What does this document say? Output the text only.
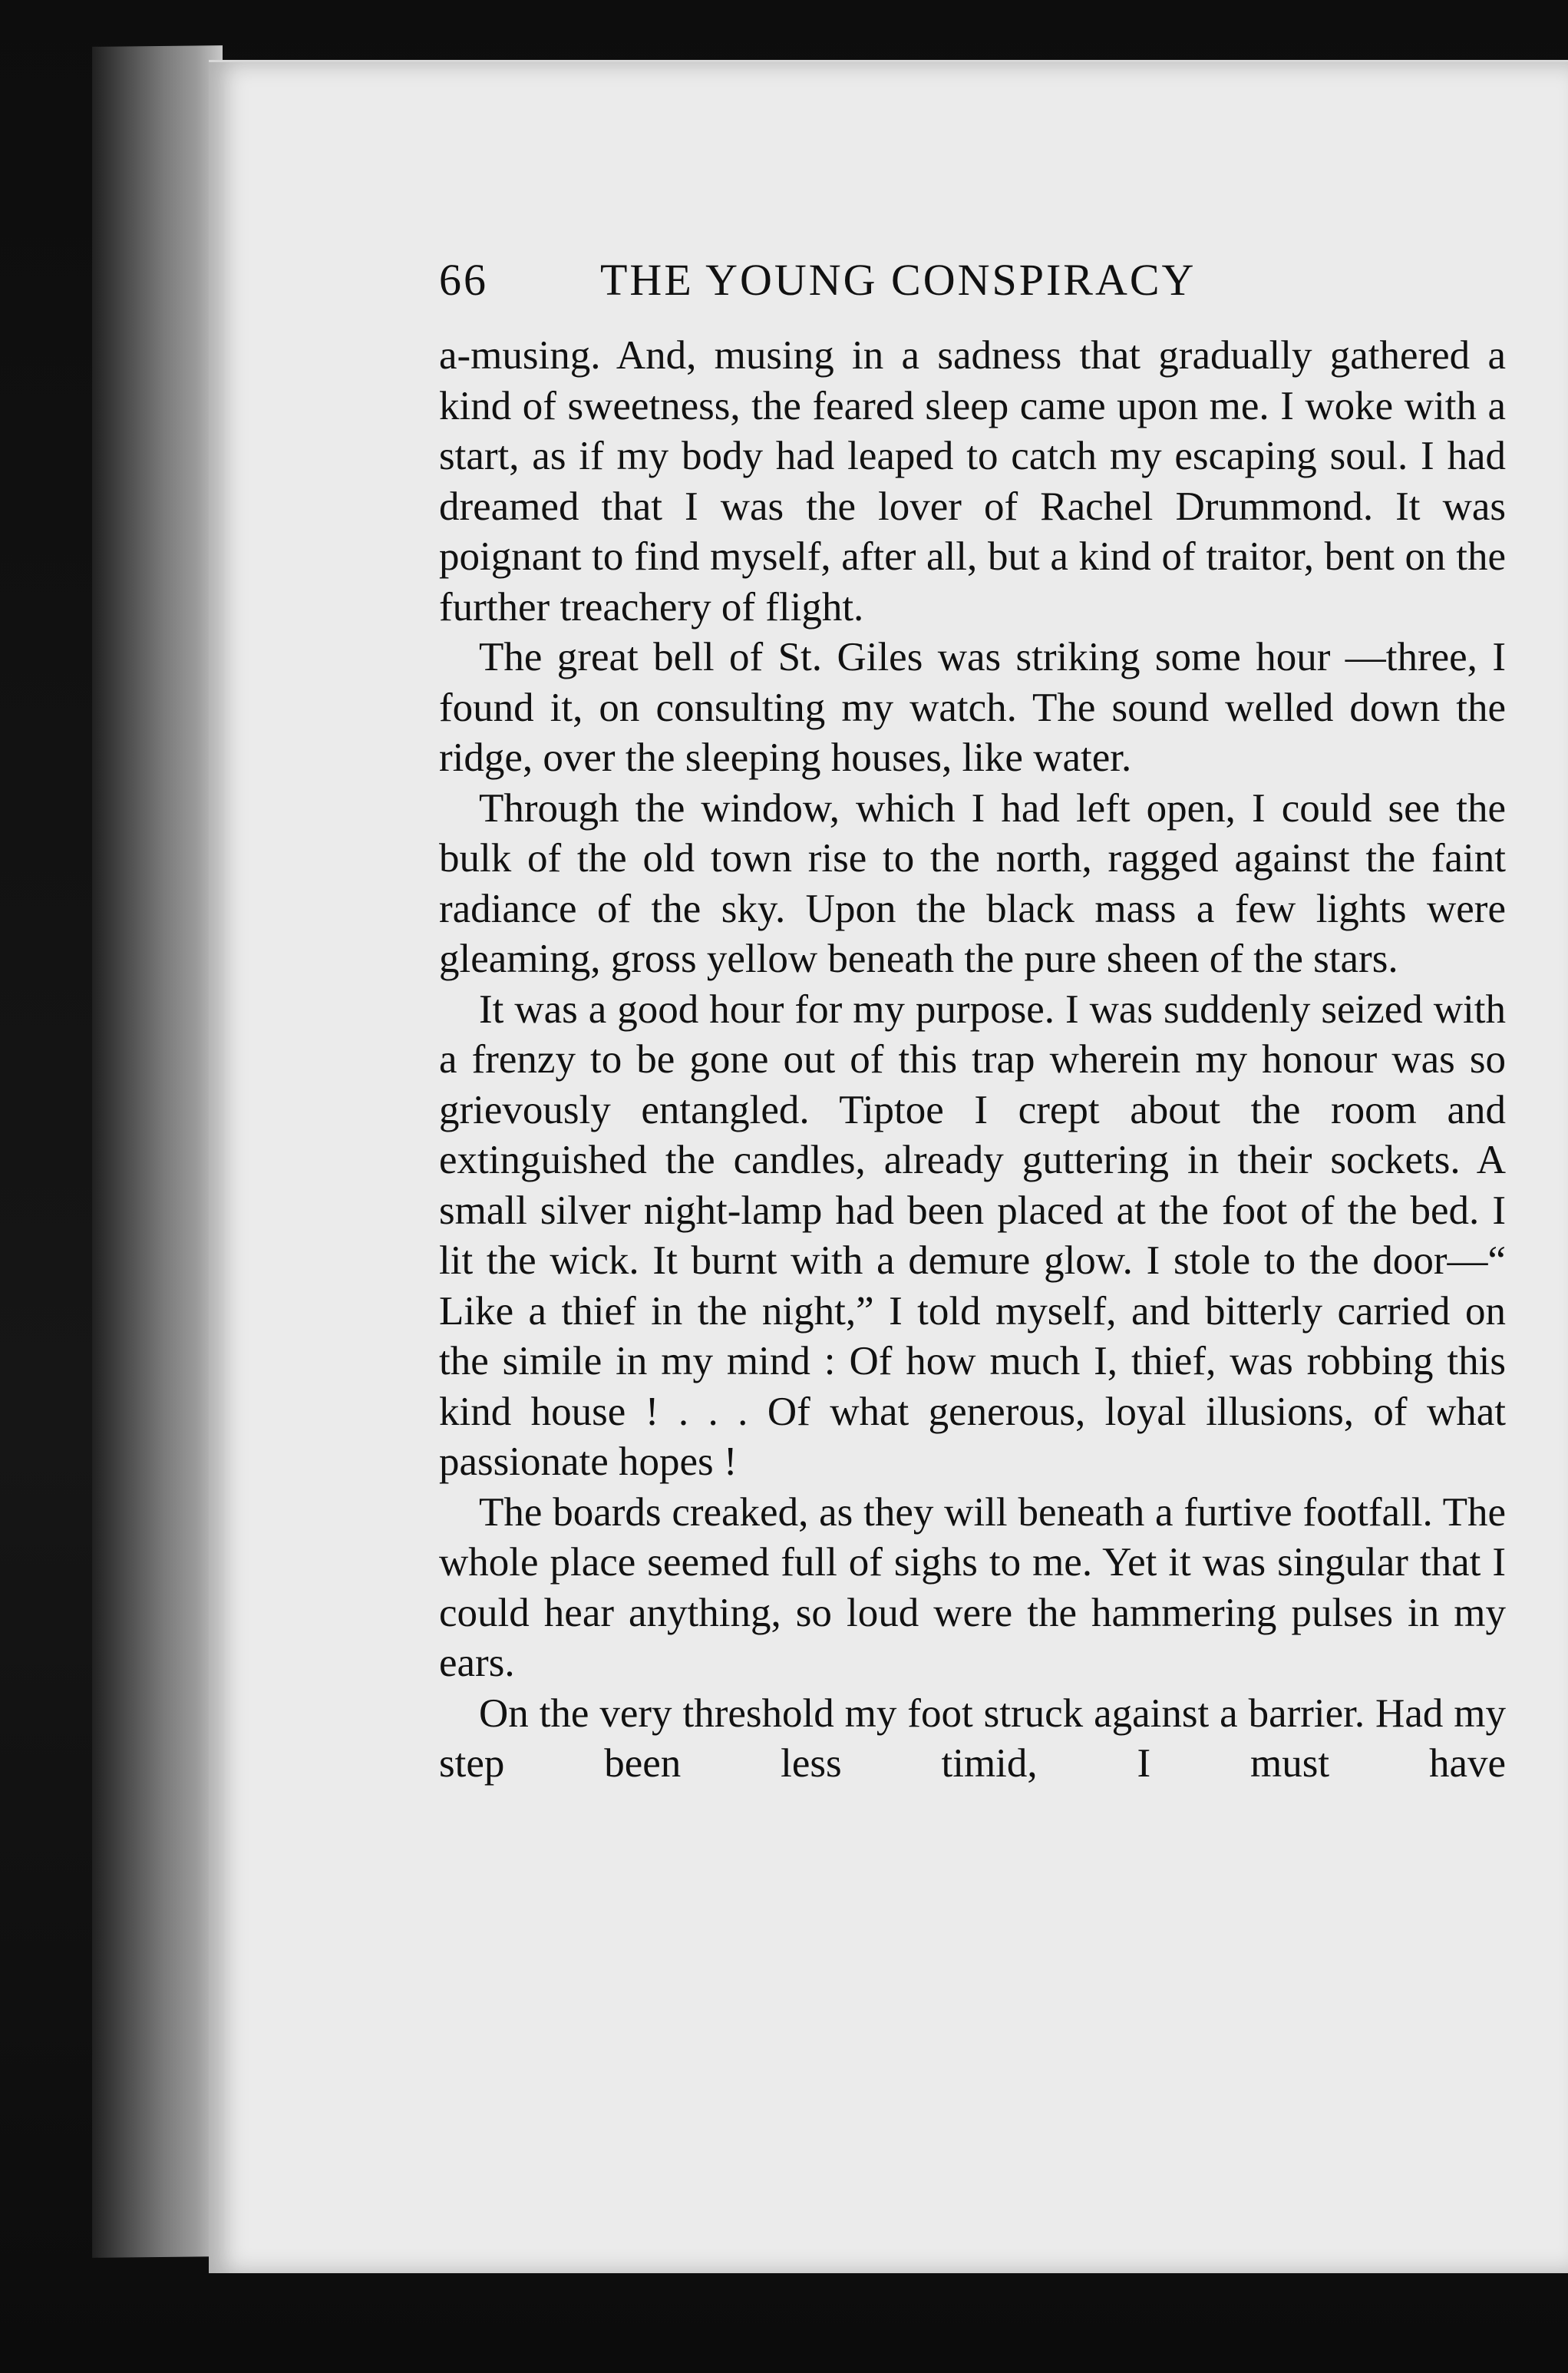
66	THE YOUNG CONSPIRACY

a-musing. And, musing in a sadness that gradually gathered a kind of sweetness, the feared sleep came upon me. I woke with a start, as if my body had leaped to catch my escaping soul. I had dreamed that I was the lover of Rachel Drummond. It was poignant to find myself, after all, but a kind of traitor, bent on the further treachery of flight.

The great bell of St. Giles was striking some hour —three, I found it, on consulting my watch. The sound welled down the ridge, over the sleeping houses, like water.

Through the window, which I had left open, I could see the bulk of the old town rise to the north, ragged against the faint radiance of the sky. Upon the black mass a few lights were gleaming, gross yellow beneath the pure sheen of the stars.

It was a good hour for my purpose. I was suddenly seized with a frenzy to be gone out of this trap wherein my honour was so grievously entangled. Tiptoe I crept about the room and extinguished the candles, already guttering in their sockets. A small silver night-lamp had been placed at the foot of the bed. I lit the wick. It burnt with a demure glow. I stole to the door—“ Like a thief in the night,” I told myself, and bitterly carried on the simile in my mind : Of how much I, thief, was robbing this kind house ! . . . Of what generous, loyal illusions, of what passionate hopes !

The boards creaked, as they will beneath a furtive footfall. The whole place seemed full of sighs to me. Yet it was singular that I could hear anything, so loud were the hammering pulses in my ears.

On the very threshold my foot struck against a barrier. Had my step been less timid, I must have
